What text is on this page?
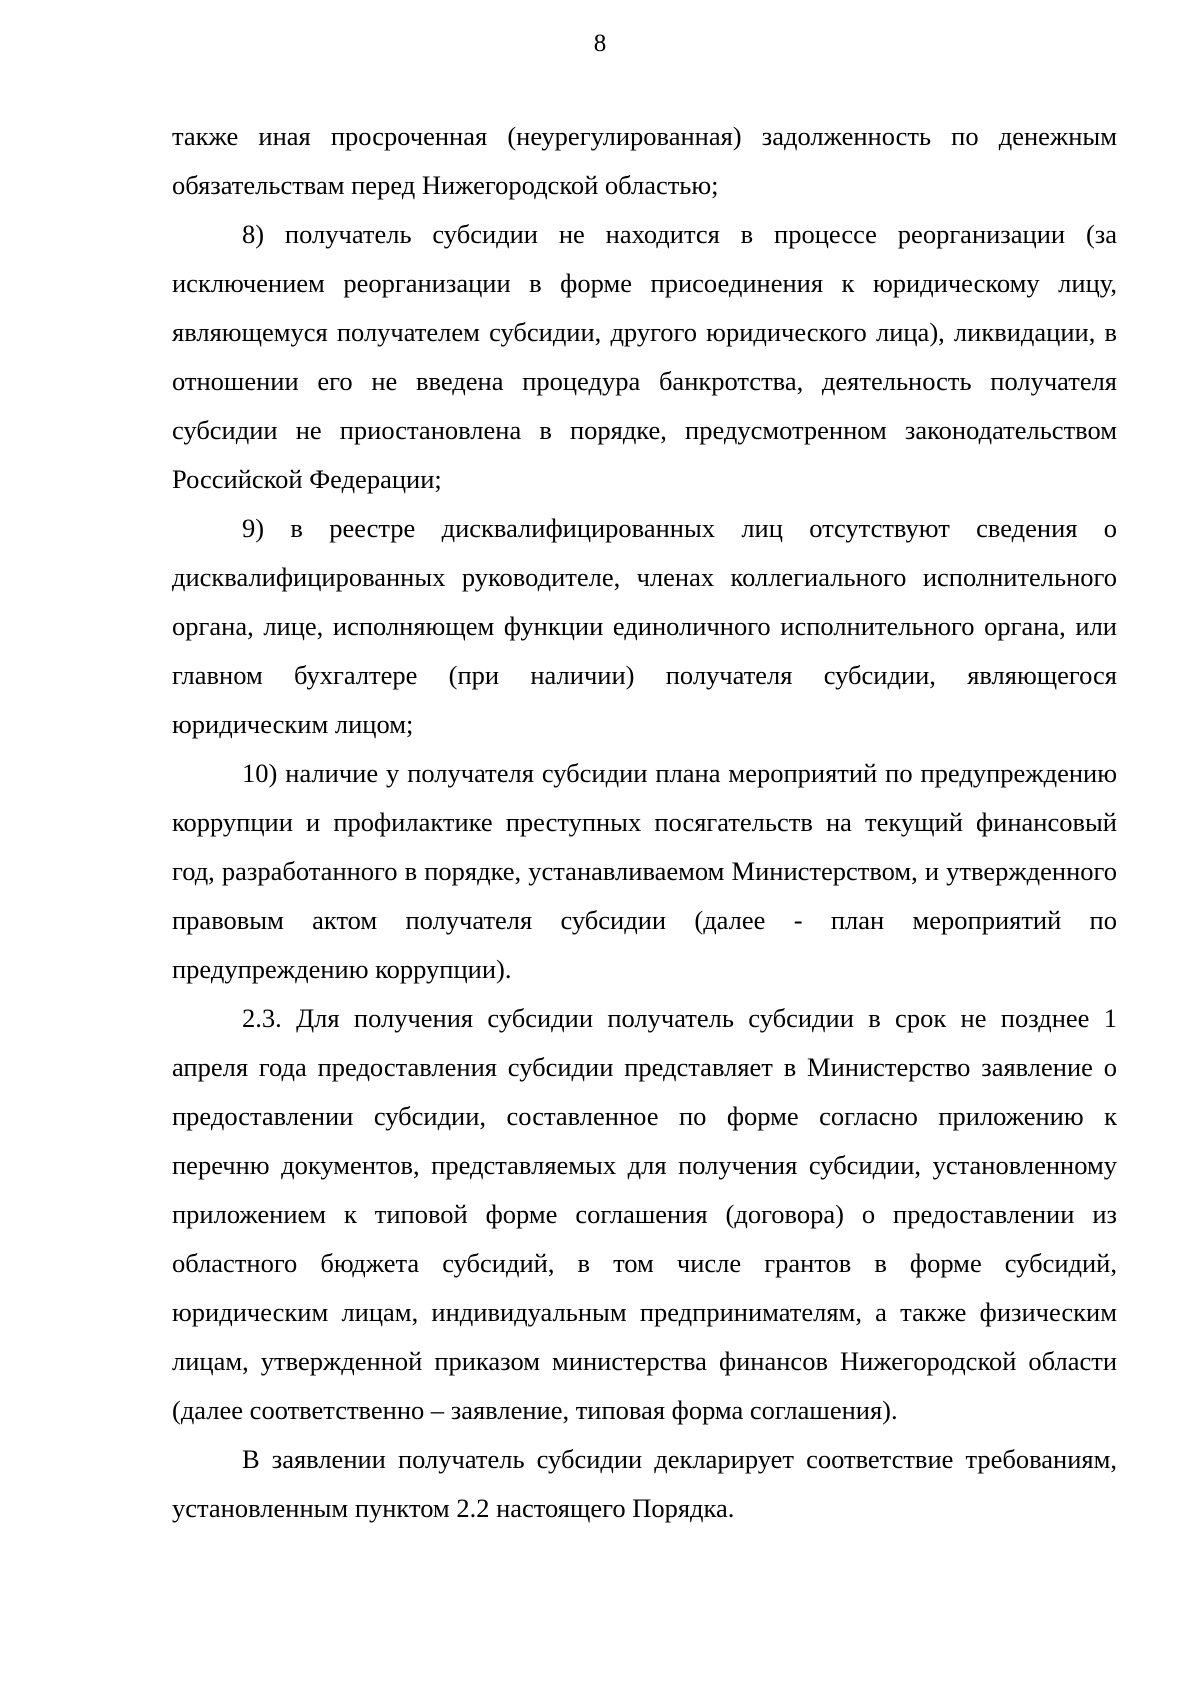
8

также иная просроченная (неурегулированная) задолженность по денежным обязательствам перед Нижегородской областью;

8) получатель субсидии не находится в процессе реорганизации (за исключением реорганизации в форме присоединения к юридическому лицу, являющемуся получателем субсидии, другого юридического лица), ликвидации, в отношении его не введена процедура банкротства, деятельность получателя субсидии не приостановлена в порядке, предусмотренном законодательством Российской Федерации;

9) в реестре дисквалифицированных лиц отсутствуют сведения о дисквалифицированных руководителе, членах коллегиального исполнительного органа, лице, исполняющем функции единоличного исполнительного органа, или главном бухгалтере (при наличии) получателя субсидии, являющегося юридическим лицом;

10) наличие у получателя субсидии плана мероприятий по предупреждению коррупции и профилактике преступных посягательств на текущий финансовый год, разработанного в порядке, устанавливаемом Министерством, и утвержденного правовым актом получателя субсидии (далее - план мероприятий по предупреждению коррупции).

2.3. Для получения субсидии получатель субсидии в срок не позднее 1 апреля года предоставления субсидии представляет в Министерство заявление о предоставлении субсидии, составленное по форме согласно приложению к перечню документов, представляемых для получения субсидии, установленному приложением к типовой форме соглашения (договора) о предоставлении из областного бюджета субсидий, в том числе грантов в форме субсидий, юридическим лицам, индивидуальным предпринимателям, а также физическим лицам, утвержденной приказом министерства финансов Нижегородской области (далее соответственно – заявление, типовая форма соглашения).

В заявлении получатель субсидии декларирует соответствие требованиям, установленным пунктом 2.2 настоящего Порядка.
